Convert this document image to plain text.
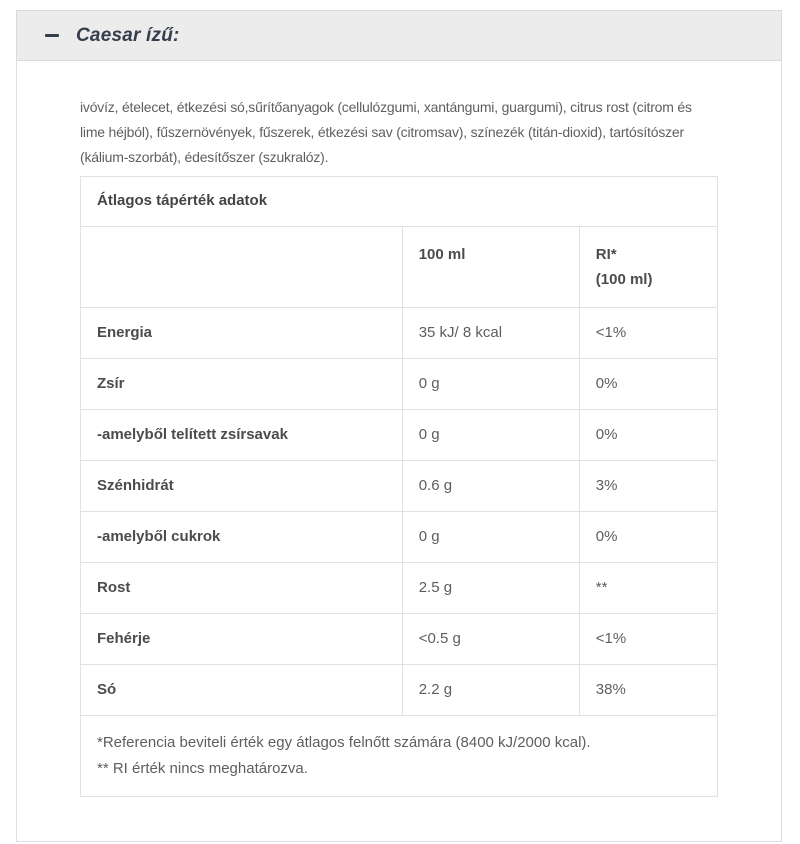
Caesar ízű:

ivóvíz, ételecet, étkezési só,sűrítőanyagok (cellulózgumi, xantángumi, guargumi), citrus rost (citrom és lime héjból), fűszernövények, fűszerek, étkezési sav (citromsav), színezék (titán-dioxid), tartósítószer (kálium-szorbát), édesítőszer (szukralóz).

Átlagos tápérték adatok		
	100 ml	RI*
(100 ml)

Energia	35 kJ/ 8 kcal	<1%
Zsír	0 g	0%
-amelyből telített zsírsavak	0 g	0%
Szénhidrát	0.6 g	3%
-amelyből cukrok	0 g	0%
Rost	2.5 g	**
Fehérje	<0.5 g	<1%
Só	2.2 g	38%

*Referencia beviteli érték egy átlagos felnőtt számára (8400 kJ/2000 kcal).

** RI érték nincs meghatározva.		
